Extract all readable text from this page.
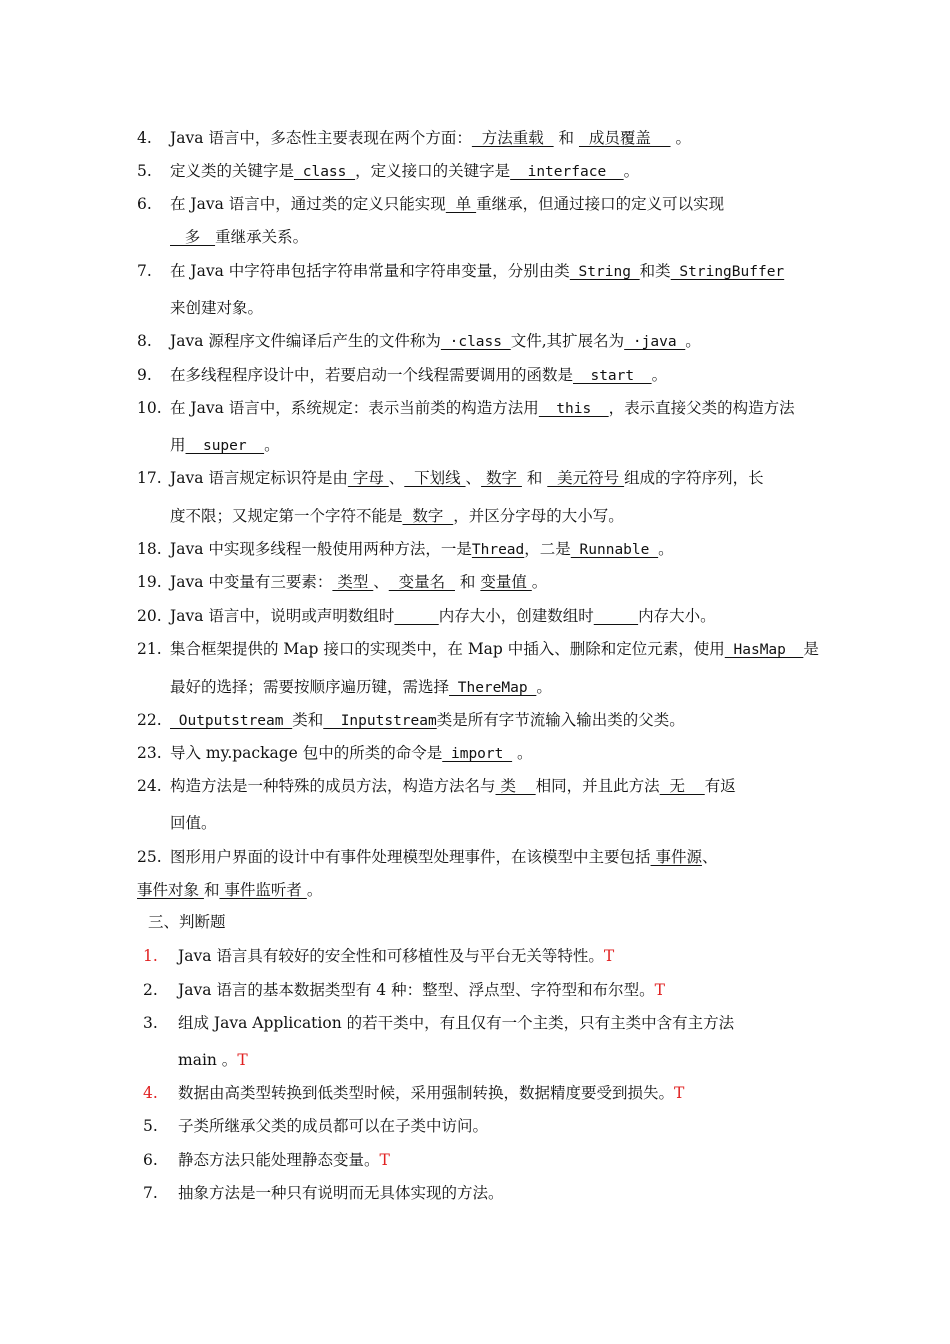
4. Java 语言中，多态性主要表现在两个方面：  方法重载   和   成员覆盖     。
5. 定义类的关键字是 class ，定义接口的关键字是  interface  。
6. 在 Java 语言中，通过类的定义只能实现  单 重继承，但通过接口的定义可以实现
多   重继承关系。
7. 在 Java 中字符串包括字符串常量和字符串变量，分别由类 String 和类 StringBuffer
来创建对象。
8. Java 源程序文件编译后产生的文件称为 ·class 文件,其扩展名为 ·java 。
9. 在多线程程序设计中，若要启动一个线程需要调用的函数是  start  。
10. 在 Java 语言中，系统规定：表示当前类的构造方法用  this  ，表示直接父类的构造方法
用  super  。
17. Java 语言规定标识符是由 字母 、  下划线 、 数字  和   美元符号 组成的字符序列，长
度不限；又规定第一个字符不能是  数字  ，并区分字母的大小写。
18. Java 中实现多线程一般使用两种方法，一是Thread，二是 Runnable 。
19. Java 中变量有三要素： 类型 、  变量名   和 变量值 。
20. Java 语言中，说明或声明数组时	内存大小，创建数组时	内存大小。
21. 集合框架提供的 Map 接口的实现类中，在 Map 中插入、删除和定位元素，使用 HasMap  是
最好的选择；需要按顺序遍历键，需选择 ThereMap 。
22. Outputstream 类和  Inputstream类是所有字节流输入输出类的父类。
23. 导入 my.package 包中的所类的命令是 import  。
24. 构造方法是一种特殊的成员方法，构造方法名与 类    相同，并且此方法  无    有返
回值。
25. 图形用户界面的设计中有事件处理模型处理事件，在该模型中主要包括 事件源、
事件对象 和 事件监听者 。
三、判断题
1. Java 语言具有较好的安全性和可移植性及与平台无关等特性。T
2. Java 语言的基本数据类型有 4 种：整型、浮点型、字符型和布尔型。T
3. 组成 Java Application 的若干类中，有且仅有一个主类，只有主类中含有主方法
main 。T
4. 数据由高类型转换到低类型时候，采用强制转换，数据精度要受到损失。T
5. 子类所继承父类的成员都可以在子类中访问。
6. 静态方法只能处理静态变量。T
7. 抽象方法是一种只有说明而无具体实现的方法。
